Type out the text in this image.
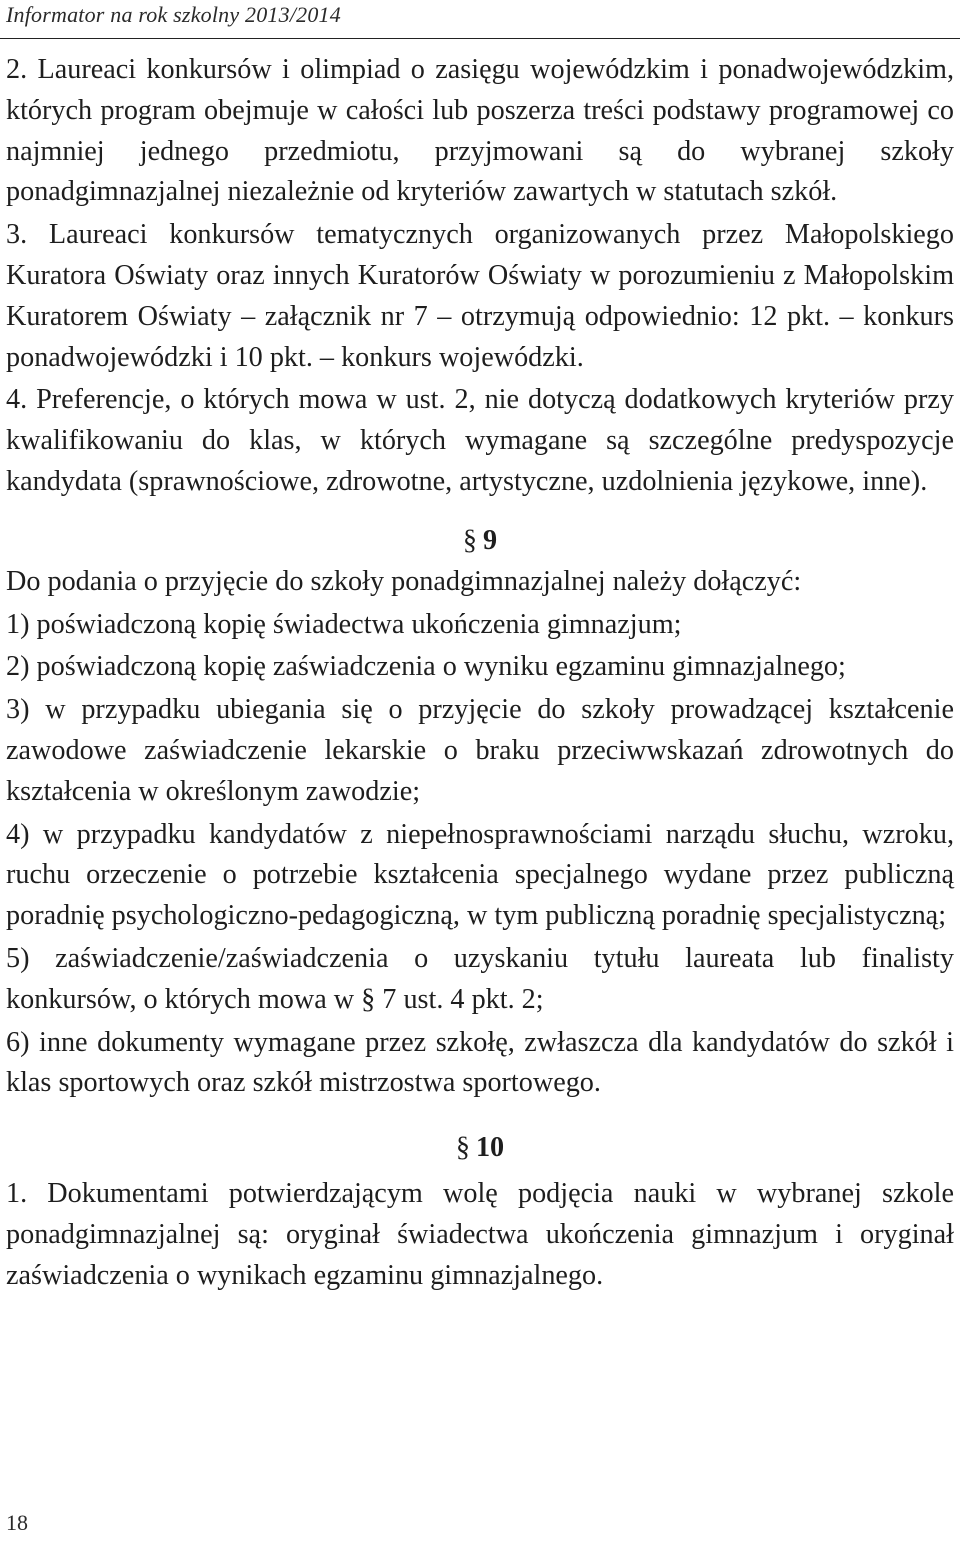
Informator na rok szkolny 2013/2014

2. Laureaci konkursów i olimpiad o zasięgu wojewódzkim i ponadwojewódzkim, których program obejmuje w całości lub poszerza treści podstawy programowej co najmniej jednego przedmiotu, przyjmowani są do wybranej szkoły ponadgimnazjalnej niezależnie od kryteriów zawartych w statutach szkół.

3. Laureaci konkursów tematycznych organizowanych przez Małopolskiego Kuratora Oświaty oraz innych Kuratorów Oświaty w porozumieniu z Małopolskim Kuratorem Oświaty – załącznik nr 7 – otrzymują odpowiednio: 12 pkt. – konkurs ponadwojewódzki i 10 pkt. – konkurs wojewódzki.

4. Preferencje, o których mowa w ust. 2, nie dotyczą dodatkowych kryteriów przy kwalifikowaniu do klas, w których wymagane są szczególne predyspozycje kandydata (sprawnościowe, zdrowotne, artystyczne, uzdolnienia językowe, inne).

§ 9

Do podania o przyjęcie do szkoły ponadgimnazjalnej należy dołączyć:

1) poświadczoną kopię świadectwa ukończenia gimnazjum;

2) poświadczoną kopię zaświadczenia o wyniku egzaminu gimnazjalnego;

3) w przypadku ubiegania się o przyjęcie do szkoły prowadzącej kształcenie zawodowe zaświadczenie lekarskie o braku przeciwwskazań zdrowotnych do kształcenia w określonym zawodzie;

4) w przypadku kandydatów z niepełnosprawnościami narządu słuchu, wzroku, ruchu orzeczenie o potrzebie kształcenia specjalnego wydane przez publiczną poradnię psychologiczno-pedagogiczną, w tym publiczną poradnię specjalistyczną;

5) zaświadczenie/zaświadczenia o uzyskaniu tytułu laureata lub finalisty konkursów, o których mowa w § 7 ust. 4 pkt. 2;

6) inne dokumenty wymagane przez szkołę, zwłaszcza dla kandydatów do szkół i klas sportowych oraz szkół mistrzostwa sportowego.

§ 10

1. Dokumentami potwierdzającym wolę podjęcia nauki w wybranej szkole ponadgimnazjalnej są: oryginał świadectwa ukończenia gimnazjum i oryginał zaświadczenia o wynikach egzaminu gimnazjalnego.

18
